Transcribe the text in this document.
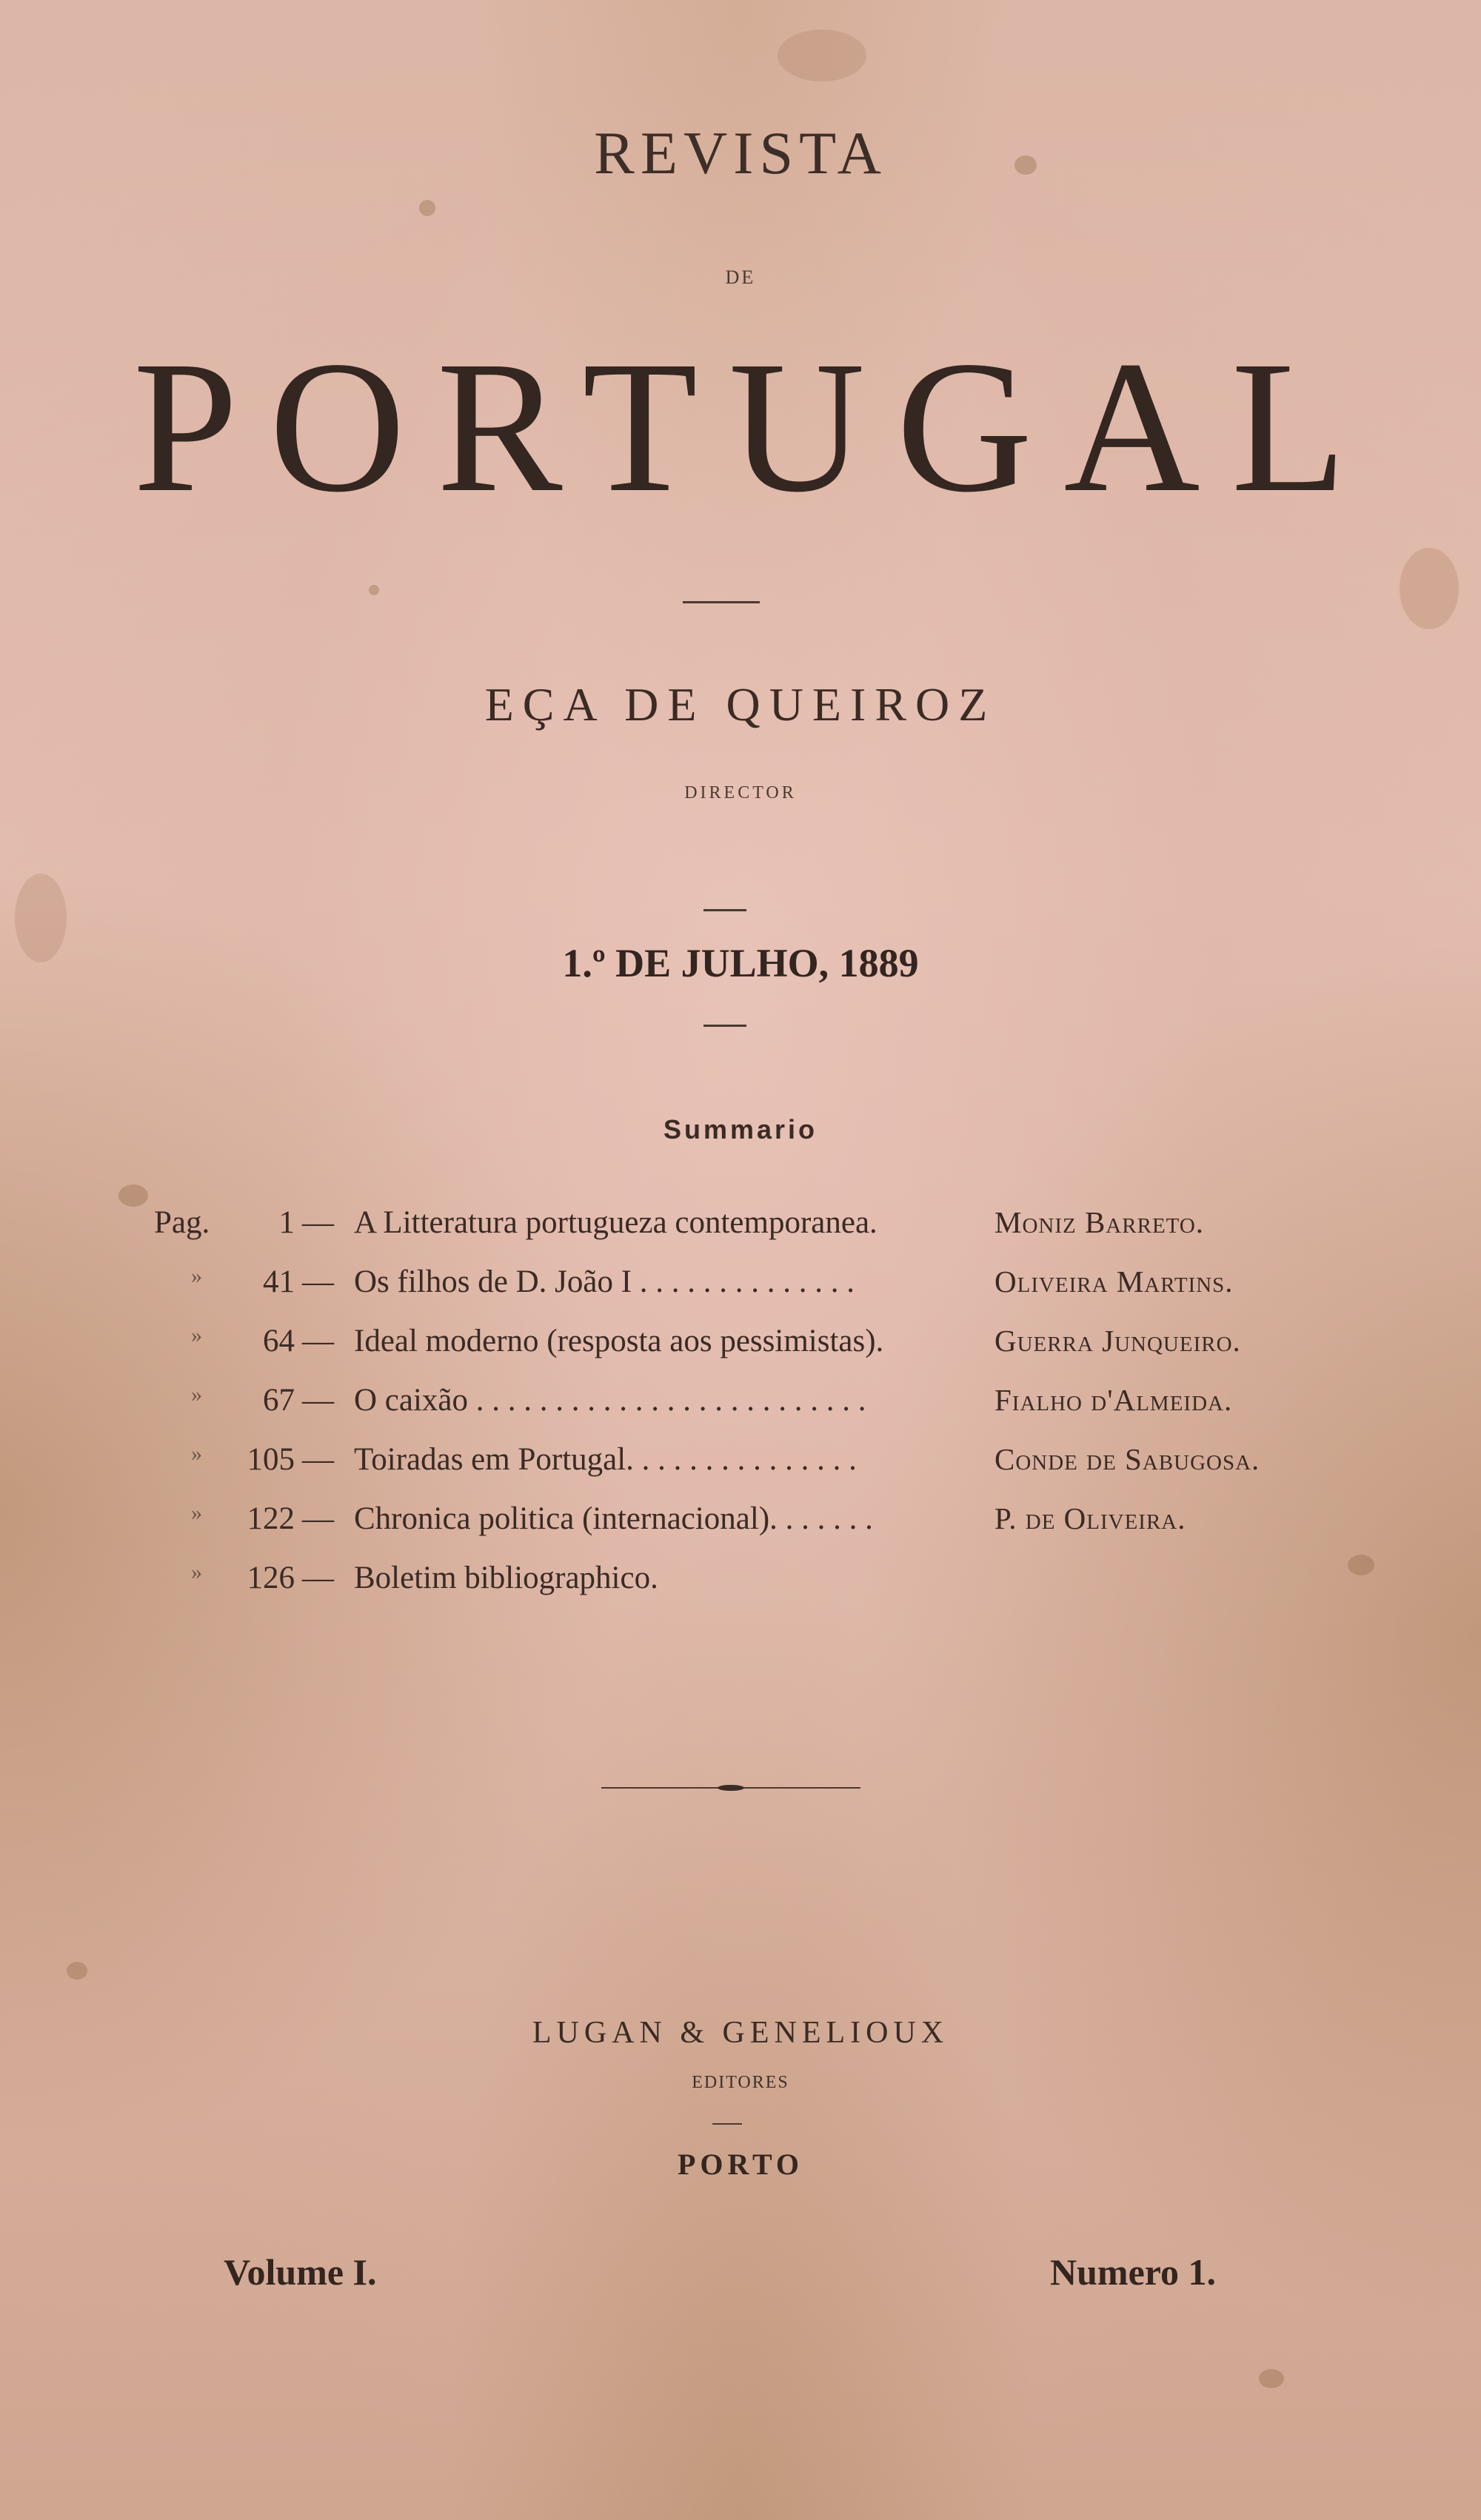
REVISTA
DE
PORTUGAL
EÇA DE QUEIROZ
DIRECTOR
1.º DE JULHO, 1889
Summario
Pag.	1 — A Litteratura portugueza contemporanea.	Moniz Barreto.
»	41 — Os filhos de D. João I . . . . . . . . . . . . . .	Oliveira Martins.
»	64 — Ideal moderno (resposta aos pessimistas).	Guerra Junqueiro.
»	67 — O caixão . . . . . . . . . . . . . . . . . . . . . . . . .	Fialho d'Almeida.
»	105 — Toiradas em Portugal. . . . . . . . . . . . . . .	Conde de Sabugosa.
»	122 — Chronica politica (internacional). . . . . . .	P. de Oliveira.
»	126 — Boletim bibliographico.
LUGAN & GENELIOUX
EDITORES
PORTO
Volume I.	Numero 1.
